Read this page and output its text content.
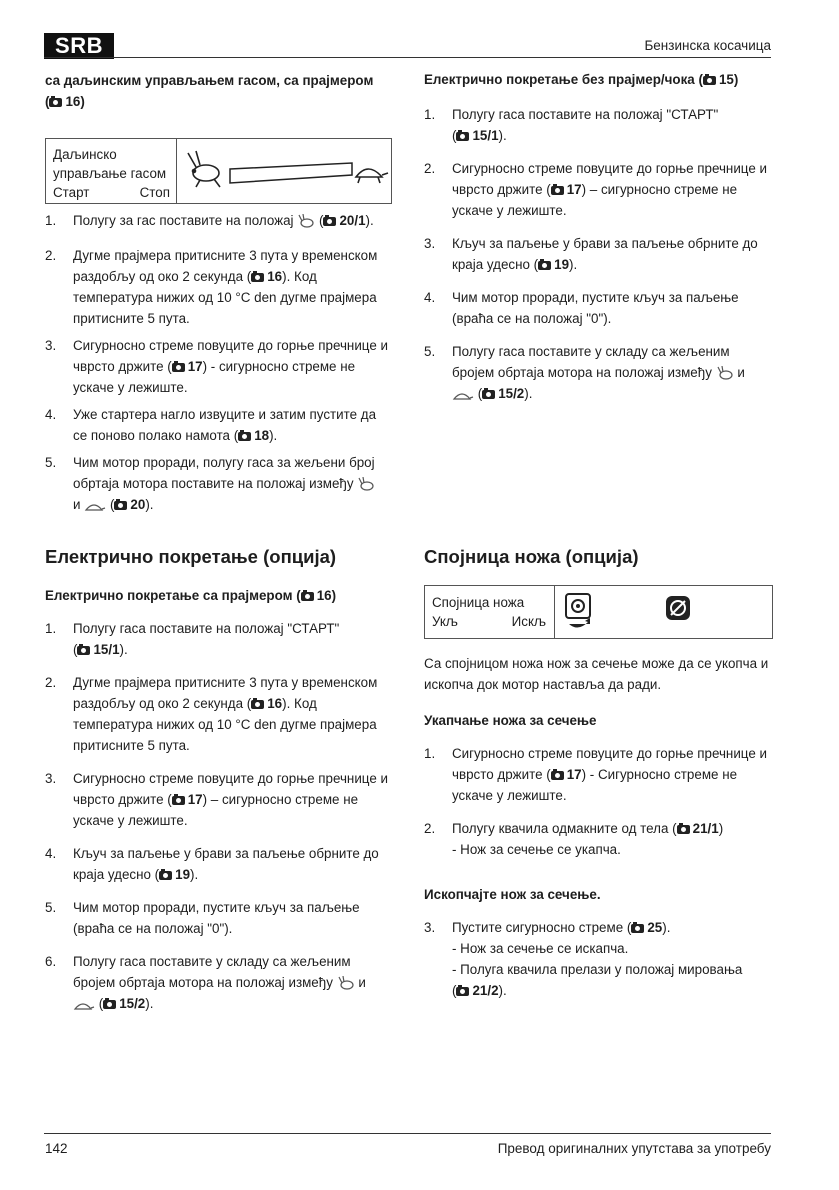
SRB	Бензинска косачица
са даљинским управљањем гасом, са прајмером
( 16)
Даљинско
управљање гасом
Старт	Стоп
1. Полугу за гас поставите на положај  ( 20/1).
2. Дугме прајмера притисните 3 пута у временском раздобљу од око 2 секунда ( 16). Код температура нижих од 10 °C den дугме прајмера притисните 5 пута.
3. Сигурносно стреме повуците до горње пречнице и чврсто држите ( 17) - сигурносно стреме не ускаче у лежиште.
4. Уже стартера нагло извуците и затим пустите да се поново полако намота ( 18).
5. Чим мотор проради, полугу гаса за жељени број обртаја мотора поставите на положај између
и  ( 20).
Електрично покретање (опција)
Електрично покретање са прајмером ( 16)
1. Полугу гаса поставите на положај "СТАРТ"
( 15/1).
2. Дугме прајмера притисните 3 пута у временском раздобљу од око 2 секунда ( 16). Код температура нижих од 10 °C den дугме прајмера притисните 5 пута.
3. Сигурносно стреме повуците до горње пречнице и чврсто држите ( 17) – сигурносно стреме не ускаче у лежиште.
4. Кључ за паљење у брави за паљење обрните до краја удесно ( 19).
5. Чим мотор проради, пустите кључ за паљење (враћа се на положај "0").
6. Полугу гаса поставите у складу са жељеним бројем обртаја мотора на положај између и
( 15/2).
Електрично покретање без прајмер/чока ( 15)
1. Полугу гаса поставите на положај "СТАРТ"
( 15/1).
2. Сигурносно стреме повуците до горње пречнице и чврсто држите ( 17) – сигурносно стреме не ускаче у лежиште.
3. Кључ за паљење у брави за паљење обрните до краја удесно ( 19).
4. Чим мотор проради, пустите кључ за паљење (враћа се на положај "0").
5. Полугу гаса поставите у складу са жељеним бројем обртаја мотора на положај између и
( 15/2).
Спојница ножа (опција)
Спојница ножа
Укљ	Искљ
Са спојницом ножа нож за сечење може да се укопча и ископча док мотор наставља да ради.
Укапчање ножа за сечење
1. Сигурносно стреме повуците до горње пречнице и чврсто држите ( 17) - Сигурносно стреме не ускаче у лежиште.
2. Полугу квачила одмакните од тела ( 21/1)
- Нож за сечење се укапча.
Ископчајте нож за сечење.
3. Пустите сигурносно стреме ( 25).
- Нож за сечење се искапча.
- Полуга квачила прелази у положај мировања
( 21/2).
142	Превод оригиналних упутстава за употребу
